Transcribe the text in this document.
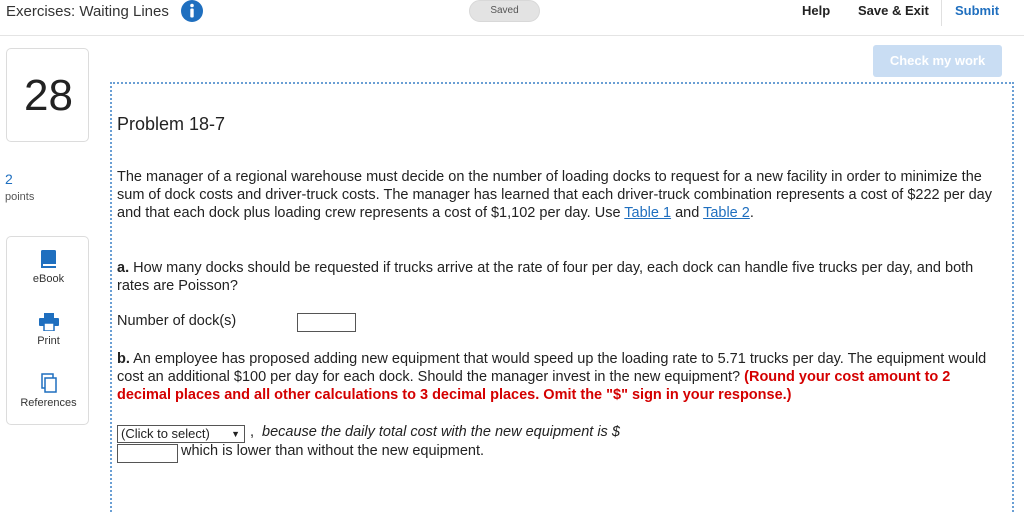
Exercises: Waiting Lines	Saved	Help Save & Exit Submit
Check my work
28
2
points
eBook
Print
References
Problem 18-7

The manager of a regional warehouse must decide on the number of loading docks to request for a new facility in order to minimize the sum of dock costs and driver-truck costs. The manager has learned that each driver-truck combination represents a cost of $222 per day and that each dock plus loading crew represents a cost of $1,102 per day. Use Table 1 and Table 2.

a. How many docks should be requested if trucks arrive at the rate of four per day, each dock can handle five trucks per day, and both rates are Poisson?

Number of dock(s)

b. An employee has proposed adding new equipment that would speed up the loading rate to 5.71 trucks per day. The equipment would cost an additional $100 per day for each dock. Should the manager invest in the new equipment? (Round your cost amount to 2 decimal places and all other calculations to 3 decimal places. Omit the "$" sign in your response.)

(Click to select) ▼ , because the daily total cost with the new equipment is $
which is lower than without the new equipment.
